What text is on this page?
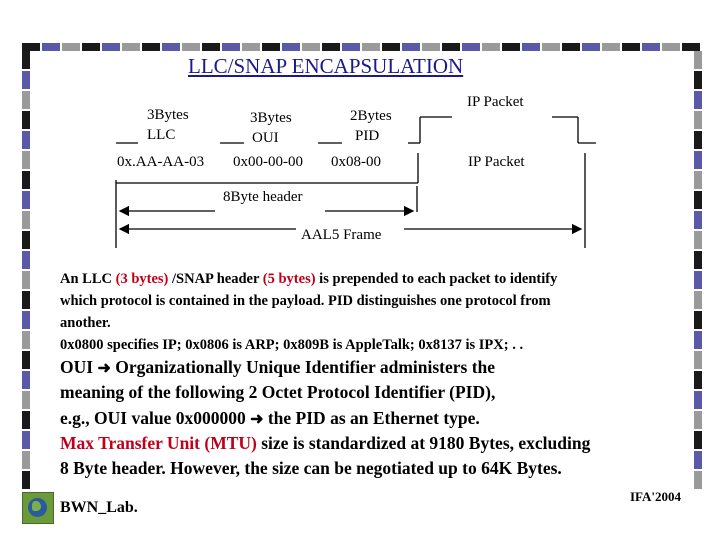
LLC/SNAP ENCAPSULATION
3Bytes
LLC
3Bytes
OUI
2Bytes
PID
IP Packet
0x.AA-AA-03 0x00-00-00 0x08-00	IP Packet
8Byte header
AAL5 Frame
An LLC (3 bytes) /SNAP header (5 bytes) is prepended to each packet to identify
which protocol is contained in the payload. PID distinguishes one protocol from
another.
0x0800 specifies IP; 0x0806 is ARP; 0x809B is AppleTalk; 0x8137 is IPX; . .
OUI ➜ Organizationally Unique Identifier administers the
meaning of the following 2 Octet Protocol Identifier (PID),
e.g., OUI value 0x000000 ➜ the PID as an Ethernet type.
Max Transfer Unit (MTU) size is standardized at 9180 Bytes, excluding
8 Byte header. However, the size can be negotiated up to 64K Bytes.
BWN_Lab.
IFA'2004
